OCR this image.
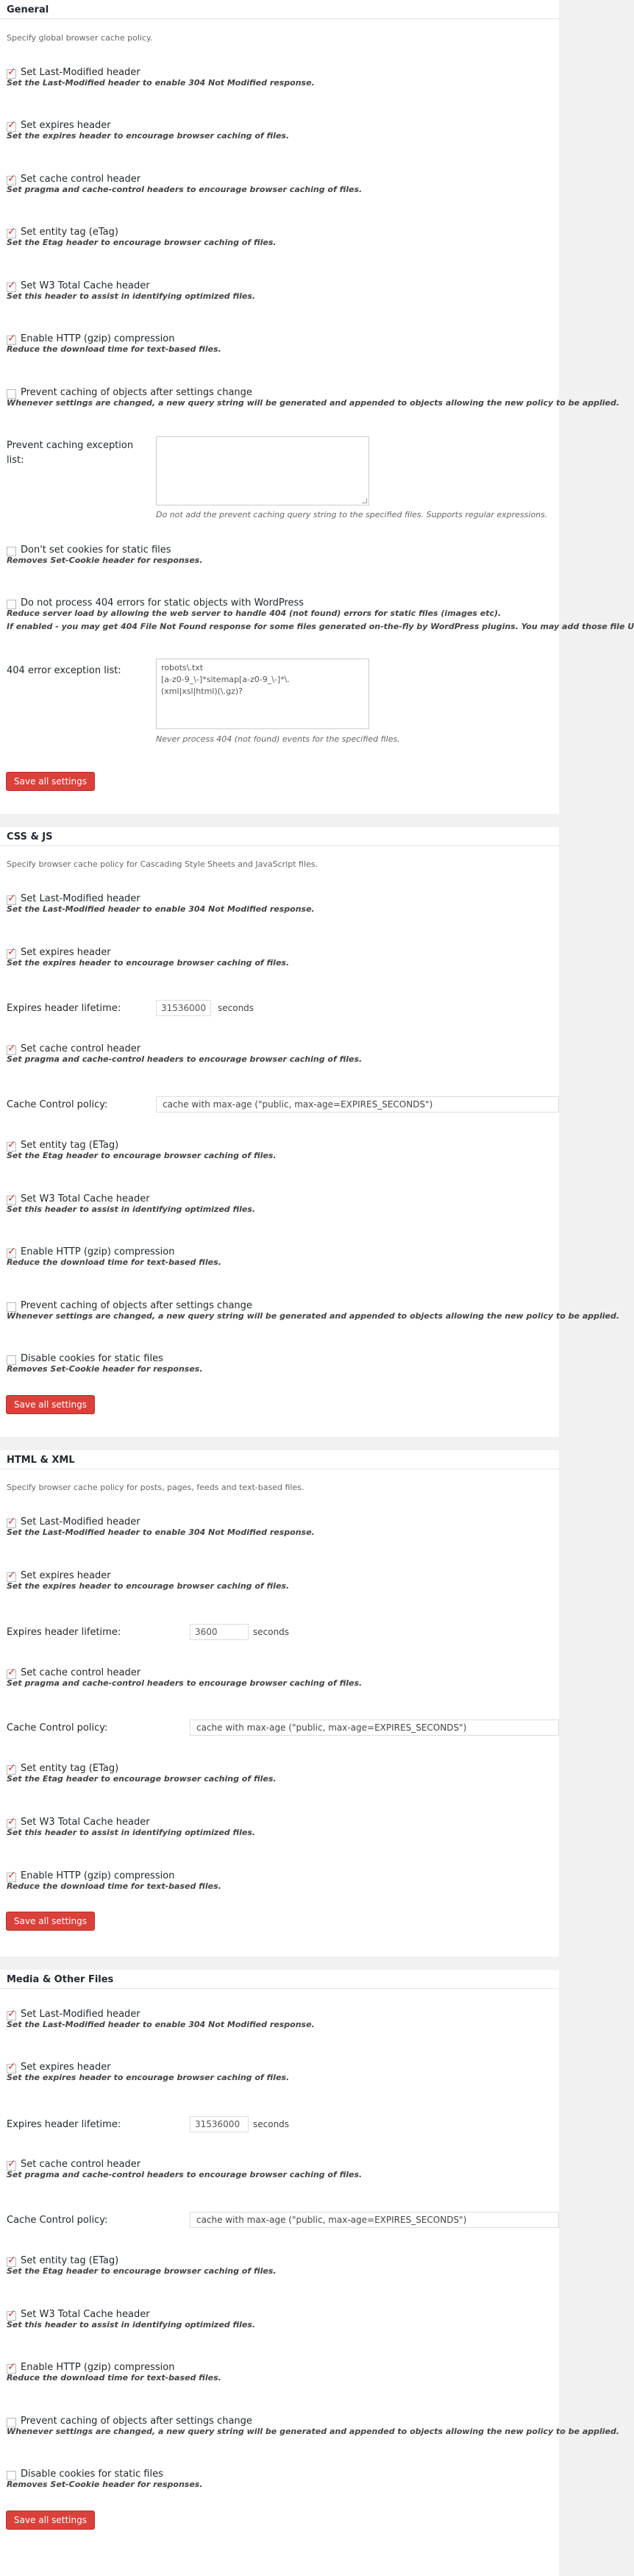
General
Specify global browser cache policy.
✓
Set Last-Modified header
Set the Last-Modified header to enable 304 Not Modified response.
✓
Set expires header
Set the expires header to encourage browser caching of files.
✓
Set cache control header
Set pragma and cache-control headers to encourage browser caching of files.
✓
Set entity tag (eTag)
Set the Etag header to encourage browser caching of files.
✓
Set W3 Total Cache header
Set this header to assist in identifying optimized files.
✓
Enable HTTP (gzip) compression
Reduce the download time for text-based files.
Prevent caching of objects after settings change
Whenever settings are changed, a new query string will be generated and appended to objects allowing the new policy to be applied.
Prevent caching exception list:
Do not add the prevent caching query string to the specified files. Supports regular expressions.
Don't set cookies for static files
Removes Set-Cookie header for responses.
Do not process 404 errors for static objects with WordPress
Reduce server load by allowing the web server to handle 404 (not found) errors for static files (images etc).
If enabled - you may get 404 File Not Found response for some files generated on-the-fly by WordPress plugins. You may add those file U
404 error exception list:	robots\.txt
[a-z0-9_\-]*sitemap[a-z0-9_\-]*\.
(xml|xsl|html)(\.gz)?
Never process 404 (not found) events for the specified files.
Save all settings
CSS & JS
Specify browser cache policy for Cascading Style Sheets and JavaScript files.
✓
Set Last-Modified header
Set the Last-Modified header to enable 304 Not Modified response.
✓
Set expires header
Set the expires header to encourage browser caching of files.
Expires header lifetime:	31536000	seconds
✓
Set cache control header
Set pragma and cache-control headers to encourage browser caching of files.
Cache Control policy:	cache with max-age ("public, max-age=EXPIRES_SECONDS")
✓
Set entity tag (ETag)
Set the Etag header to encourage browser caching of files.
✓
Set W3 Total Cache header
Set this header to assist in identifying optimized files.
✓
Enable HTTP (gzip) compression
Reduce the download time for text-based files.
Prevent caching of objects after settings change
Whenever settings are changed, a new query string will be generated and appended to objects allowing the new policy to be applied.
Disable cookies for static files
Removes Set-Cookie header for responses.
Save all settings
HTML & XML
Specify browser cache policy for posts, pages, feeds and text-based files.
✓
Set Last-Modified header
Set the Last-Modified header to enable 304 Not Modified response.
✓
Set expires header
Set the expires header to encourage browser caching of files.
Expires header lifetime:	3600	seconds
✓
Set cache control header
Set pragma and cache-control headers to encourage browser caching of files.
Cache Control policy:	cache with max-age ("public, max-age=EXPIRES_SECONDS")
✓
Set entity tag (ETag)
Set the Etag header to encourage browser caching of files.
✓
Set W3 Total Cache header
Set this header to assist in identifying optimized files.
✓
Enable HTTP (gzip) compression
Reduce the download time for text-based files.
Save all settings
Media & Other Files
✓
Set Last-Modified header
Set the Last-Modified header to enable 304 Not Modified response.
✓
Set expires header
Set the expires header to encourage browser caching of files.
Expires header lifetime:	31536000	seconds
✓
Set cache control header
Set pragma and cache-control headers to encourage browser caching of files.
Cache Control policy:	cache with max-age ("public, max-age=EXPIRES_SECONDS")
✓
Set entity tag (ETag)
Set the Etag header to encourage browser caching of files.
✓
Set W3 Total Cache header
Set this header to assist in identifying optimized files.
✓
Enable HTTP (gzip) compression
Reduce the download time for text-based files.
Prevent caching of objects after settings change
Whenever settings are changed, a new query string will be generated and appended to objects allowing the new policy to be applied.
Disable cookies for static files
Removes Set-Cookie header for responses.
Save all settings
